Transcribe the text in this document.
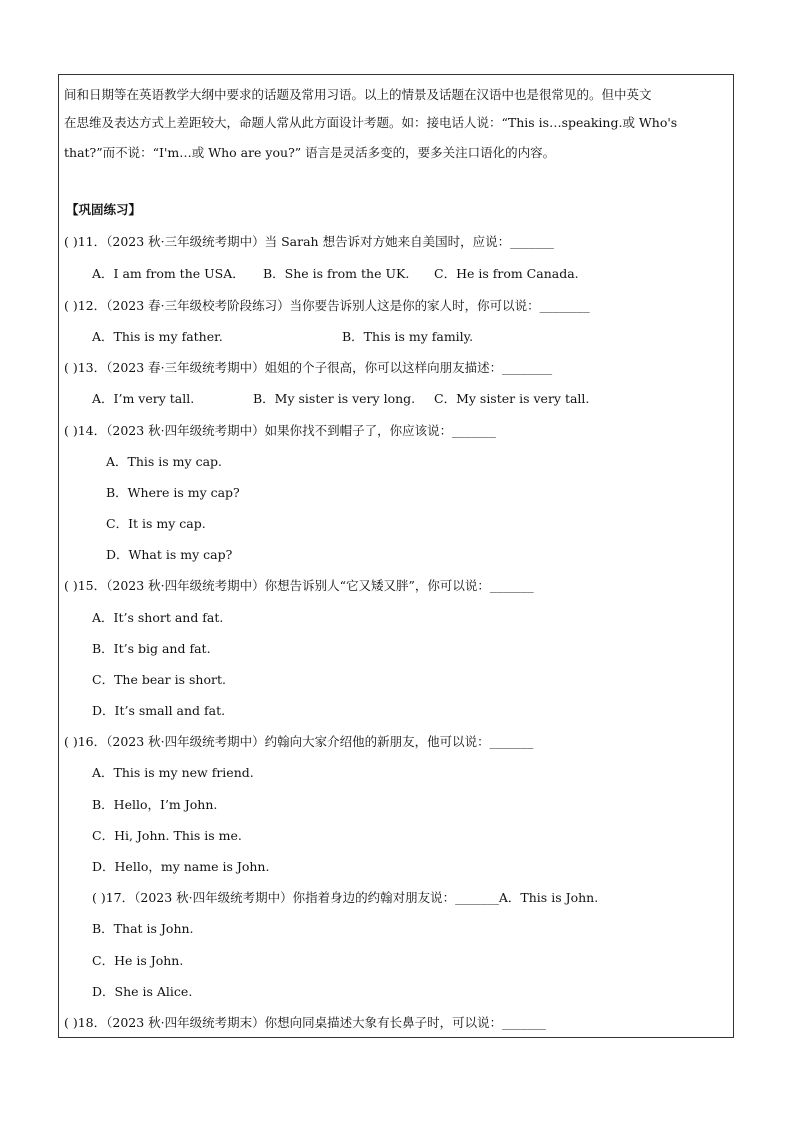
间和日期等在英语教学大纲中要求的话题及常用习语。以上的情景及话题在汉语中也是很常见的。但中英文
在思维及表达方式上差距较大，命题人常从此方面设计考题。如：接电话人说：“This is…speaking.或 Who's
that?”而不说：“I'm…或 Who are you?” 语言是灵活多变的，要多关注口语化的内容。
【巩固练习】
( )11．（2023 秋·三年级统考期中）当 Sarah 想告诉对方她来自美国时，应说：_______
A．I am from the USA． B．She is from the UK. C．He is from Canada.
( )12．（2023 春·三年级校考阶段练习）当你要告诉别人这是你的家人时，你可以说：________
A．This is my father.	B．This is my family.
( )13．（2023 春·三年级统考期中）姐姐的个子很高，你可以这样向朋友描述：________
A．I’m very tall.	B．My sister is very long. C．My sister is very tall.
( )14．（2023 秋·四年级统考期中）如果你找不到帽子了，你应该说：_______
A．This is my cap.
B．Where is my cap?
C．It is my cap.
D．What is my cap?
( )15．（2023 秋·四年级统考期中）你想告诉别人“它又矮又胖”，你可以说：_______
A．It’s short and fat.
B．It’s big and fat.
C．The bear is short.
D．It’s small and fat.
( )16．（2023 秋·四年级统考期中）约翰向大家介绍他的新朋友，他可以说：_______
A．This is my new friend.
B．Hello，I’m John.
C．Hi, John. This is me.
D．Hello，my name is John.
( )17．（2023 秋·四年级统考期中）你指着身边的约翰对朋友说：_______A．This is John.
B．That is John.
C．He is John.
D．She is Alice.
( )18．（2023 秋·四年级统考期末）你想向同桌描述大象有长鼻子时，可以说：_______
